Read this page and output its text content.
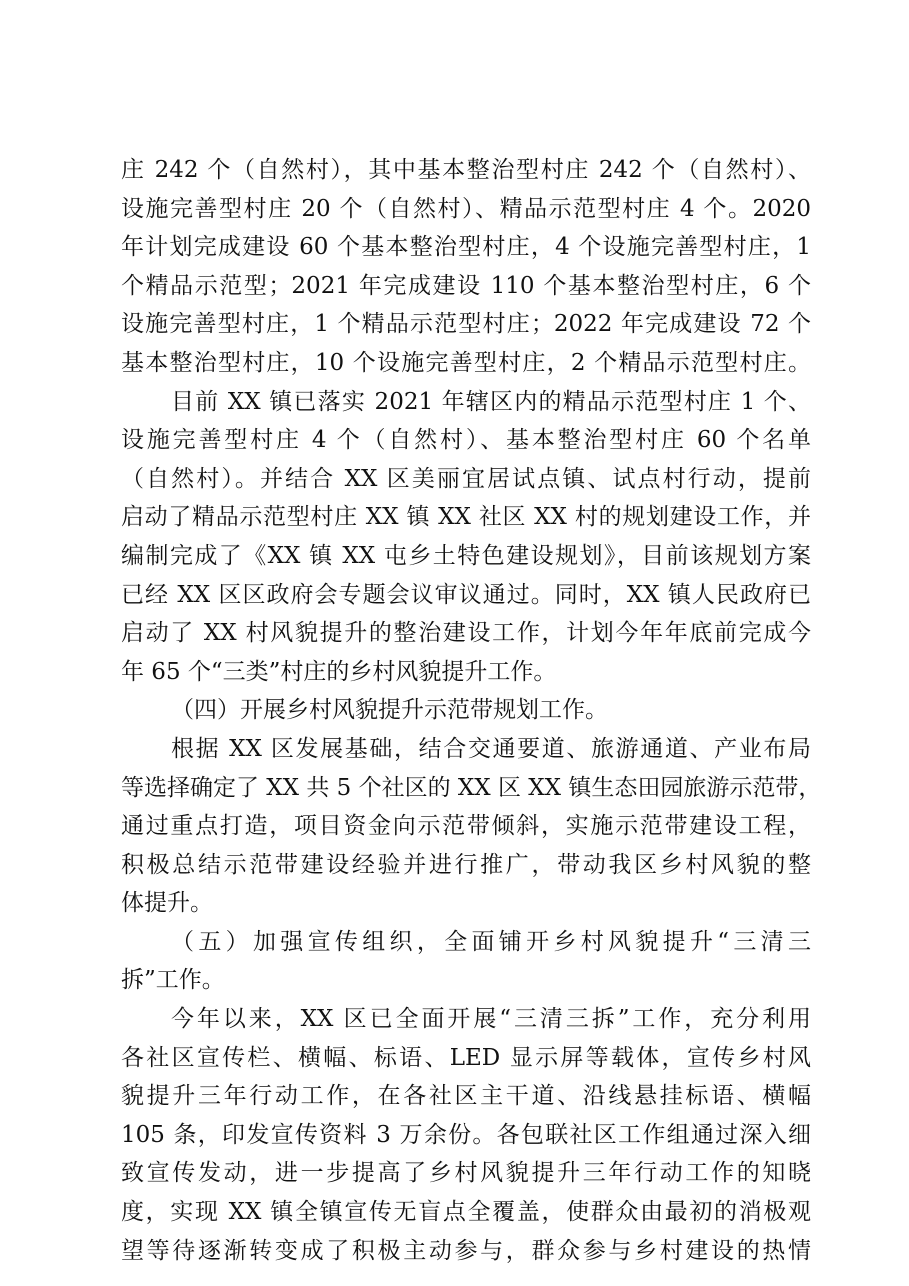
庄 242 个（自然村），其中基本整治型村庄 242 个（自然村）、
设施完善型村庄 20 个（自然村）、精品示范型村庄 4 个。2020
年计划完成建设 60 个基本整治型村庄，4 个设施完善型村庄，1
个精品示范型；2021 年完成建设 110 个基本整治型村庄，6 个
设施完善型村庄，1 个精品示范型村庄；2022 年完成建设 72 个
基本整治型村庄，10 个设施完善型村庄，2 个精品示范型村庄。
目前 XX 镇已落实 2021 年辖区内的精品示范型村庄 1 个、
设施完善型村庄 4 个（自然村）、基本整治型村庄 60 个名单
（自然村）。并结合 XX 区美丽宜居试点镇、试点村行动，提前
启动了精品示范型村庄 XX 镇 XX 社区 XX 村的规划建设工作，并
编制完成了《XX 镇 XX 屯乡土特色建设规划》，目前该规划方案
已经 XX 区区政府会专题会议审议通过。同时，XX 镇人民政府已
启动了 XX 村风貌提升的整治建设工作，计划今年年底前完成今
年 65 个“三类”村庄的乡村风貌提升工作。
（四）开展乡村风貌提升示范带规划工作。
根据 XX 区发展基础，结合交通要道、旅游通道、产业布局
等选择确定了 XX 共 5 个社区的 XX 区 XX 镇生态田园旅游示范带，
通过重点打造，项目资金向示范带倾斜，实施示范带建设工程，
积极总结示范带建设经验并进行推广，带动我区乡村风貌的整
体提升。
（五）加强宣传组织，全面铺开乡村风貌提升“三清三
拆”工作。
今年以来，XX 区已全面开展“三清三拆”工作，充分利用
各社区宣传栏、横幅、标语、LED 显示屏等载体，宣传乡村风
貌提升三年行动工作，在各社区主干道、沿线悬挂标语、横幅
105 条，印发宣传资料 3 万余份。各包联社区工作组通过深入细
致宣传发动，进一步提高了乡村风貌提升三年行动工作的知晓
度，实现 XX 镇全镇宣传无盲点全覆盖，使群众由最初的消极观
望等待逐渐转变成了积极主动参与，群众参与乡村建设的热情
